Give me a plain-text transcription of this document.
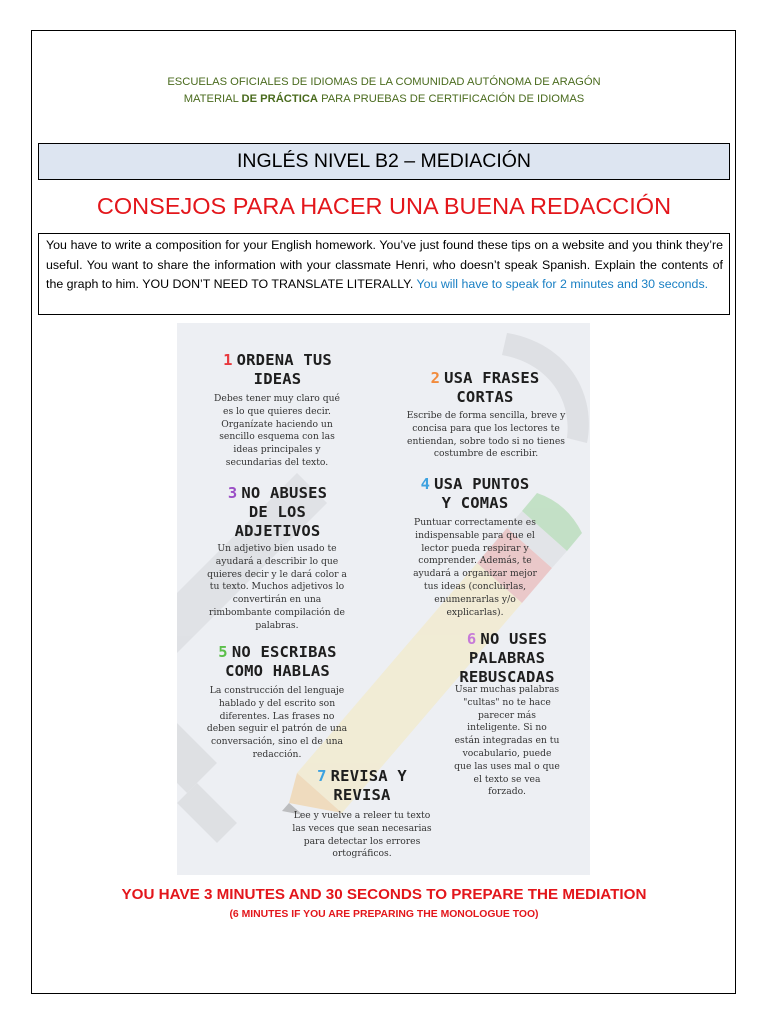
ESCUELAS OFICIALES DE IDIOMAS DE LA COMUNIDAD AUTÓNOMA DE ARAGÓN
MATERIAL DE PRÁCTICA PARA PRUEBAS DE CERTIFICACIÓN DE IDIOMAS
INGLÉS NIVEL B2 – MEDIACIÓN
CONSEJOS PARA HACER UNA BUENA REDACCIÓN
You have to write a composition for your English homework. You’ve just found these tips on a website and you think they’re useful. You want to share the information with your classmate Henri, who doesn’t speak Spanish. Explain the contents of the graph to him. YOU DON’T NEED TO TRANSLATE LITERALLY. You will have to speak for 2 minutes and 30 seconds.
1 ORDENA TUS
IDEAS
Debes tener muy claro qué
es lo que quieres decir.
Organízate haciendo un
sencillo esquema con las
ideas principales y
secundarias del texto.
2 USA FRASES
CORTAS
Escribe de forma sencilla, breve y
concisa para que los lectores te
entiendan, sobre todo si no tienes
costumbre de escribir.
3 NO ABUSES
DE LOS
ADJETIVOS
Un adjetivo bien usado te
ayudará a describir lo que
quieres decir y le dará color a
tu texto. Muchos adjetivos lo
convertirán en una
rimbombante compilación de
palabras.
4 USA PUNTOS
Y COMAS
Puntuar correctamente es
indispensable para que el
lector pueda respirar y
comprender. Además, te
ayudará a organizar mejor
tus ideas (concluirlas,
enumenrarlas y/o
explicarlas).
5 NO ESCRIBAS
COMO HABLAS
La construcción del lenguaje
hablado y del escrito son
diferentes. Las frases no
deben seguir el patrón de una
conversación, sino el de una
redacción.
6 NO USES
PALABRAS
REBUSCADAS
Usar muchas palabras
"cultas" no te hace
parecer más
inteligente. Si no
están integradas en tu
vocabulario, puede
que las uses mal o que
el texto se vea
forzado.
7 REVISA Y
REVISA
Lee y vuelve a releer tu texto
las veces que sean necesarias
para detectar los errores
ortográficos.
YOU HAVE 3 MINUTES AND 30 SECONDS TO PREPARE THE MEDIATION
(6 MINUTES IF YOU ARE PREPARING THE MONOLOGUE TOO)
